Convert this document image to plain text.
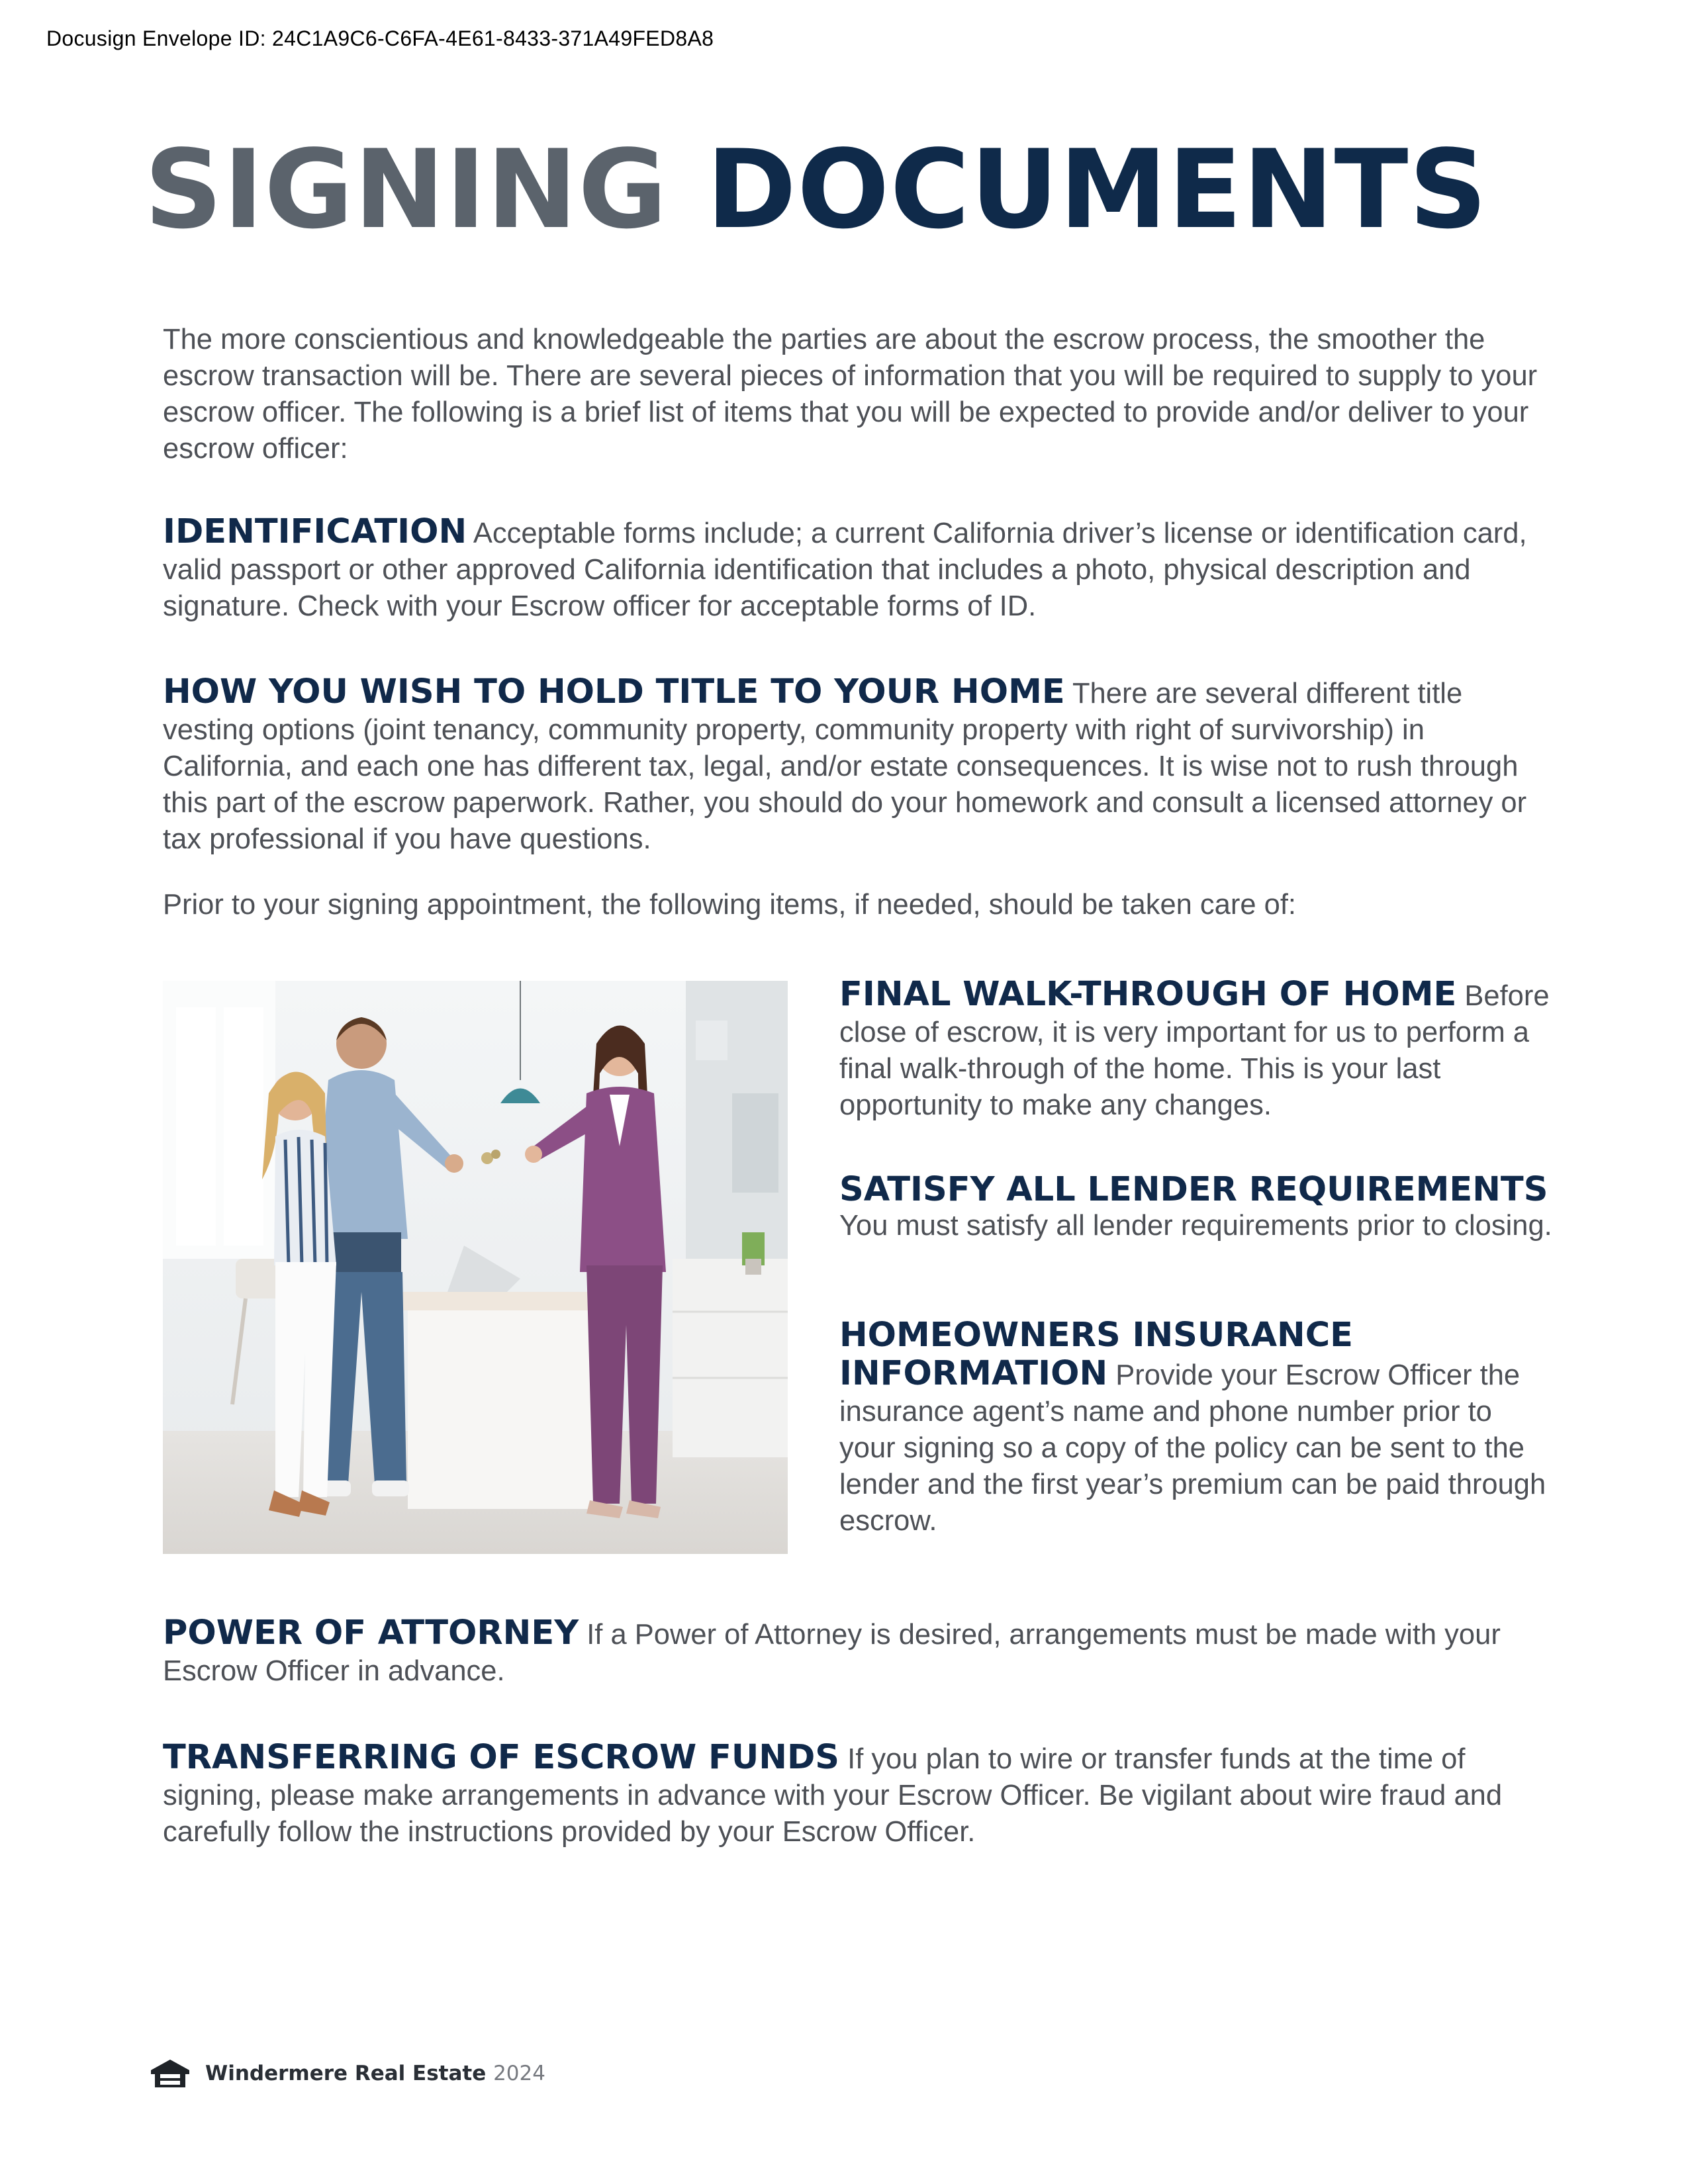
Docusign Envelope ID: 24C1A9C6-C6FA-4E61-8433-371A49FED8A8
SIGNING DOCUMENTS

The more conscientious and knowledgeable the parties are about the escrow process, the smoother the escrow transaction will be. There are several pieces of information that you will be required to supply to your escrow officer. The following is a brief list of items that you will be expected to provide and/or deliver to your escrow officer:

IDENTIFICATION Acceptable forms include; a current California driver’s license or identification card, valid passport or other approved California identification that includes a photo, physical description and signature. Check with your Escrow officer for acceptable forms of ID.

HOW YOU WISH TO HOLD TITLE TO YOUR HOME There are several different title vesting options (joint tenancy, community property, community property with right of survivorship) in California, and each one has different tax, legal, and/or estate consequences. It is wise not to rush through this part of the escrow paperwork. Rather, you should do your homework and consult a licensed attorney or tax professional if you have questions.

Prior to your signing appointment, the following items, if needed, should be taken care of:

FINAL WALK-THROUGH OF HOME Before close of escrow, it is very important for us to perform a final walk-through of the home. This is your last opportunity to make any changes.

SATISFY ALL LENDER REQUIREMENTS
You must satisfy all lender requirements prior to closing.

HOMEOWNERS INSURANCE INFORMATION Provide your Escrow Officer the insurance agent’s name and phone number prior to your signing so a copy of the policy can be sent to the lender and the first year’s premium can be paid through escrow.

POWER OF ATTORNEY If a Power of Attorney is desired, arrangements must be made with your Escrow Officer in advance.

TRANSFERRING OF ESCROW FUNDS If you plan to wire or transfer funds at the time of signing, please make arrangements in advance with your Escrow Officer. Be vigilant about wire fraud and carefully follow the instructions provided by your Escrow Officer.

Windermere Real Estate 2024
